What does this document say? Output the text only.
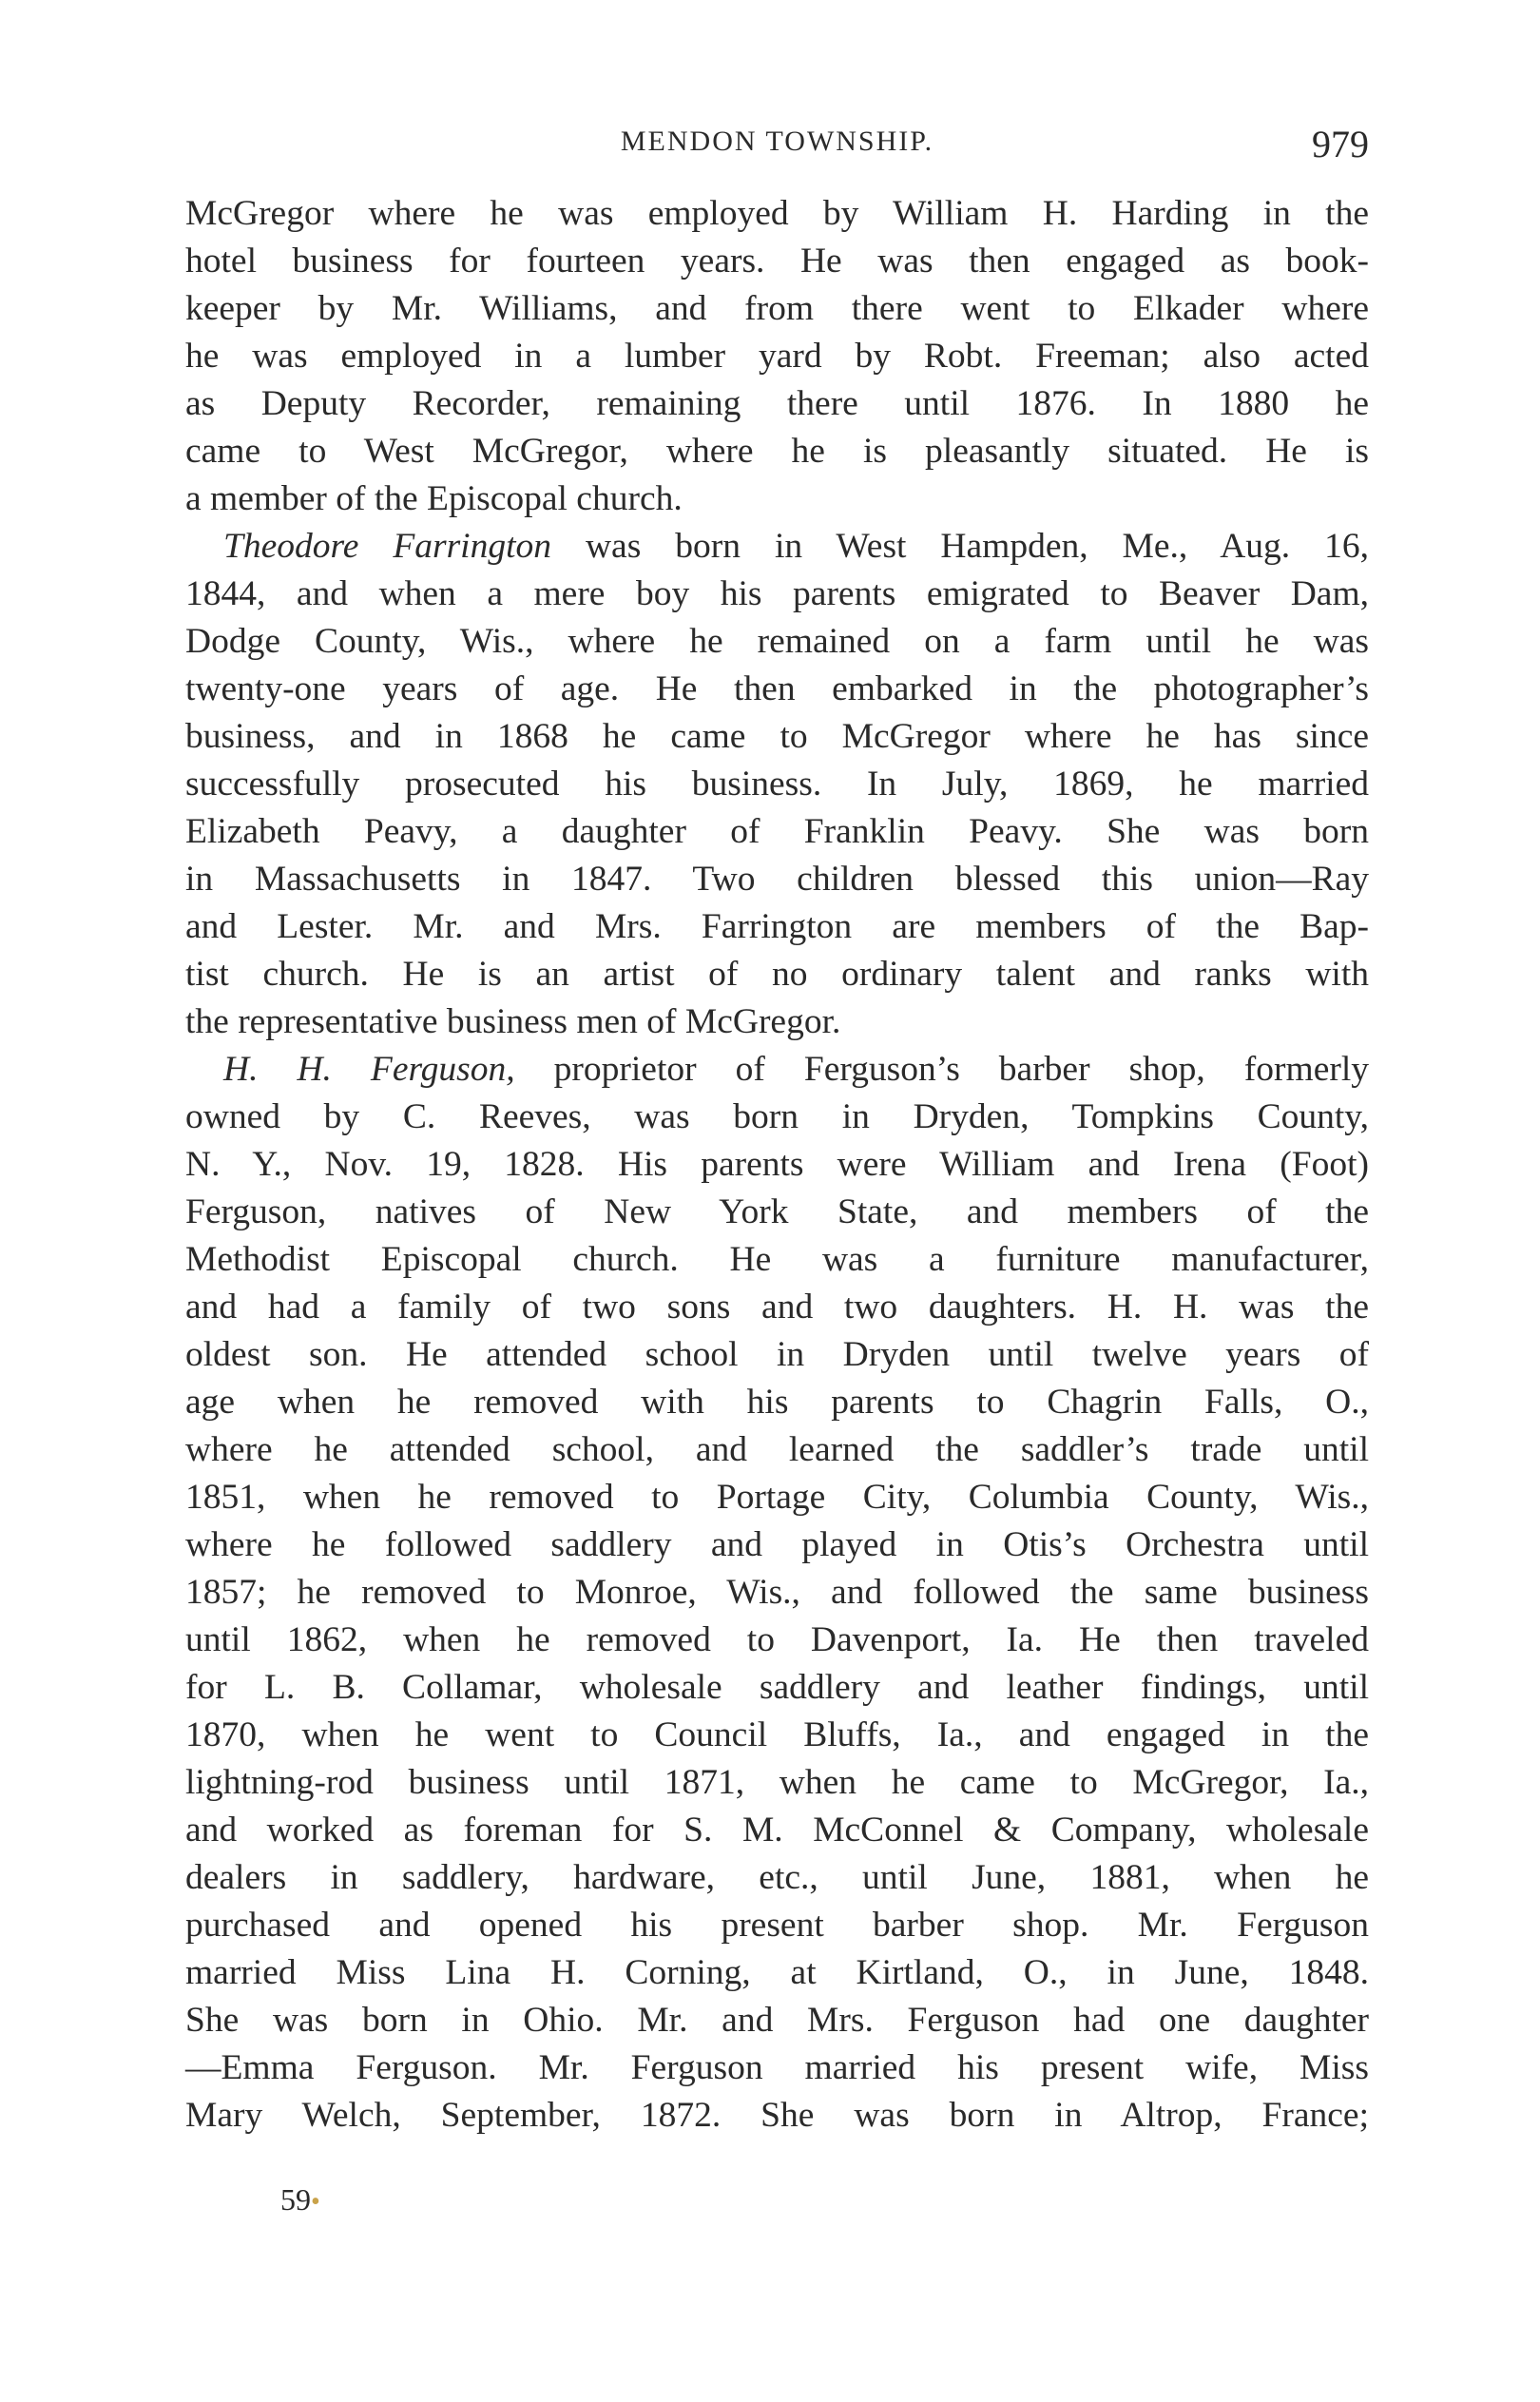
MENDON TOWNSHIP.	979
McGregor where he was employed by William H. Harding in the
hotel business for fourteen years. He was then engaged as book-
keeper by Mr. Williams, and from there went to Elkader where
he was employed in a lumber yard by Robt. Freeman; also acted
as Deputy Recorder, remaining there until 1876. In 1880 he
came to West McGregor, where he is pleasantly situated. He is
a member of the Episcopal church.
Theodore Farrington was born in West Hampden, Me., Aug. 16,
1844, and when a mere boy his parents emigrated to Beaver Dam,
Dodge County, Wis., where he remained on a farm until he was
twenty-one years of age. He then embarked in the photographer’s
business, and in 1868 he came to McGregor where he has since
successfully prosecuted his business. In July, 1869, he married
Elizabeth Peavy, a daughter of Franklin Peavy. She was born
in Massachusetts in 1847. Two children blessed this union—Ray
and Lester. Mr. and Mrs. Farrington are members of the Bap-
tist church. He is an artist of no ordinary talent and ranks with
the representative business men of McGregor.
H. H. Ferguson, proprietor of Ferguson’s barber shop, formerly
owned by C. Reeves, was born in Dryden, Tompkins County,
N. Y., Nov. 19, 1828. His parents were William and Irena (Foot)
Ferguson, natives of New York State, and members of the
Methodist Episcopal church. He was a furniture manufacturer,
and had a family of two sons and two daughters. H. H. was the
oldest son. He attended school in Dryden until twelve years of
age when he removed with his parents to Chagrin Falls, O.,
where he attended school, and learned the saddler’s trade until
1851, when he removed to Portage City, Columbia County, Wis.,
where he followed saddlery and played in Otis’s Orchestra until
1857; he removed to Monroe, Wis., and followed the same business
until 1862, when he removed to Davenport, Ia. He then traveled
for L. B. Collamar, wholesale saddlery and leather findings, until
1870, when he went to Council Bluffs, Ia., and engaged in the
lightning-rod business until 1871, when he came to McGregor, Ia.,
and worked as foreman for S. M. McConnel & Company, wholesale
dealers in saddlery, hardware, etc., until June, 1881, when he
purchased and opened his present barber shop. Mr. Ferguson
married Miss Lina H. Corning, at Kirtland, O., in June, 1848.
She was born in Ohio. Mr. and Mrs. Ferguson had one daughter
—Emma Ferguson. Mr. Ferguson married his present wife, Miss
Mary Welch, September, 1872. She was born in Altrop, France;
59•
